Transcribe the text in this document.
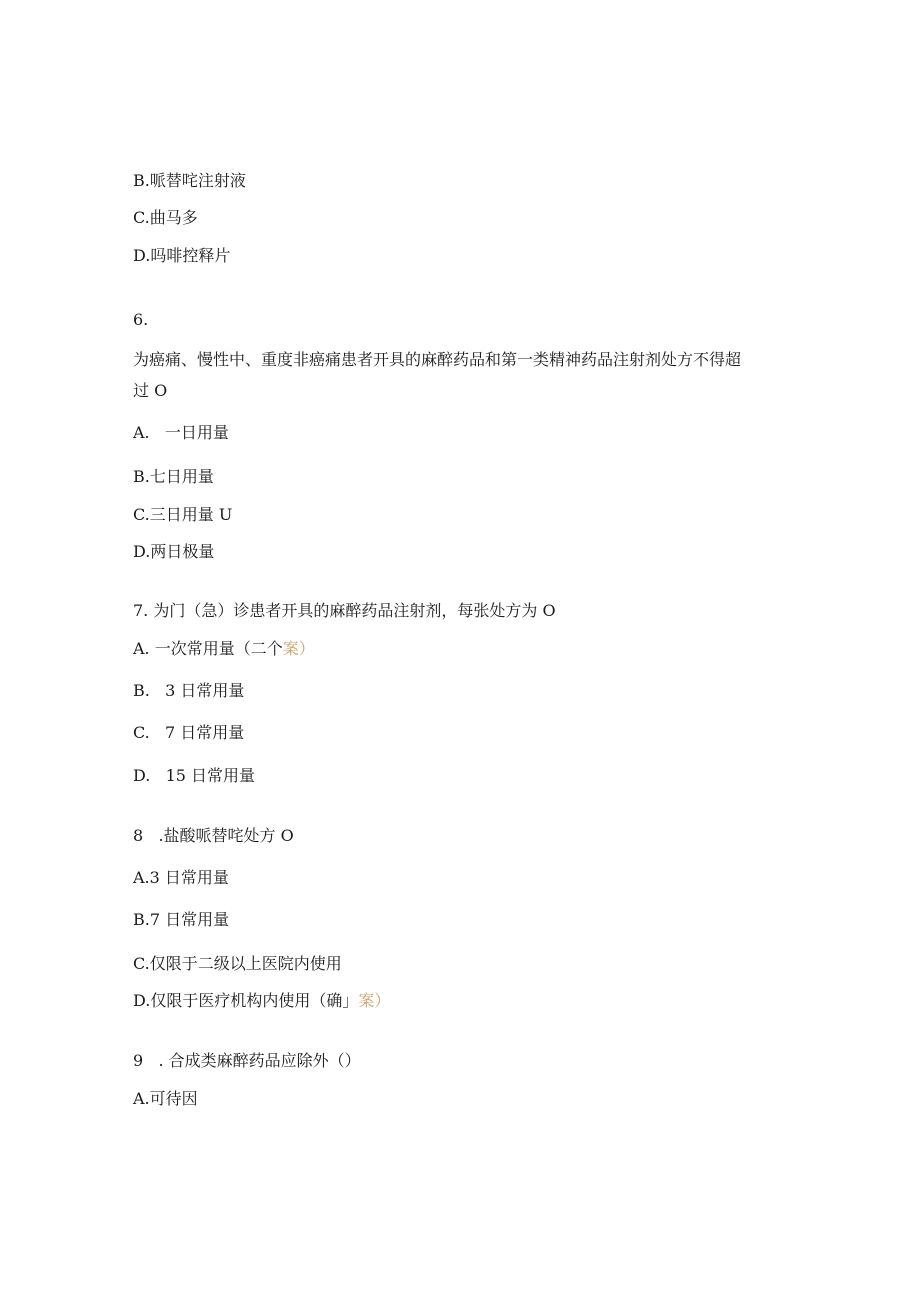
B.哌替咤注射液
C.曲马多
D.吗啡控释片
6.
为癌痛、慢性中、重度非癌痛患者开具的麻醉药品和第一类精神药品注射剂处方不得超
过 O
A.   一日用量
B.七日用量
C.三日用量 U
D.两日极量
7. 为门（急）诊患者开具的麻醉药品注射剂，每张处方为 O
A. 一次常用量（二个案）
B.   3 日常用量
C.   7 日常用量
D.   15 日常用量
8   .盐酸哌替咤处方 O
A.3 日常用量
B.7 日常用量
C.仅限于二级以上医院内使用
D.仅限于医疗机构内使用（确」案）
9   . 合成类麻醉药品应除外（）
A.可待因
